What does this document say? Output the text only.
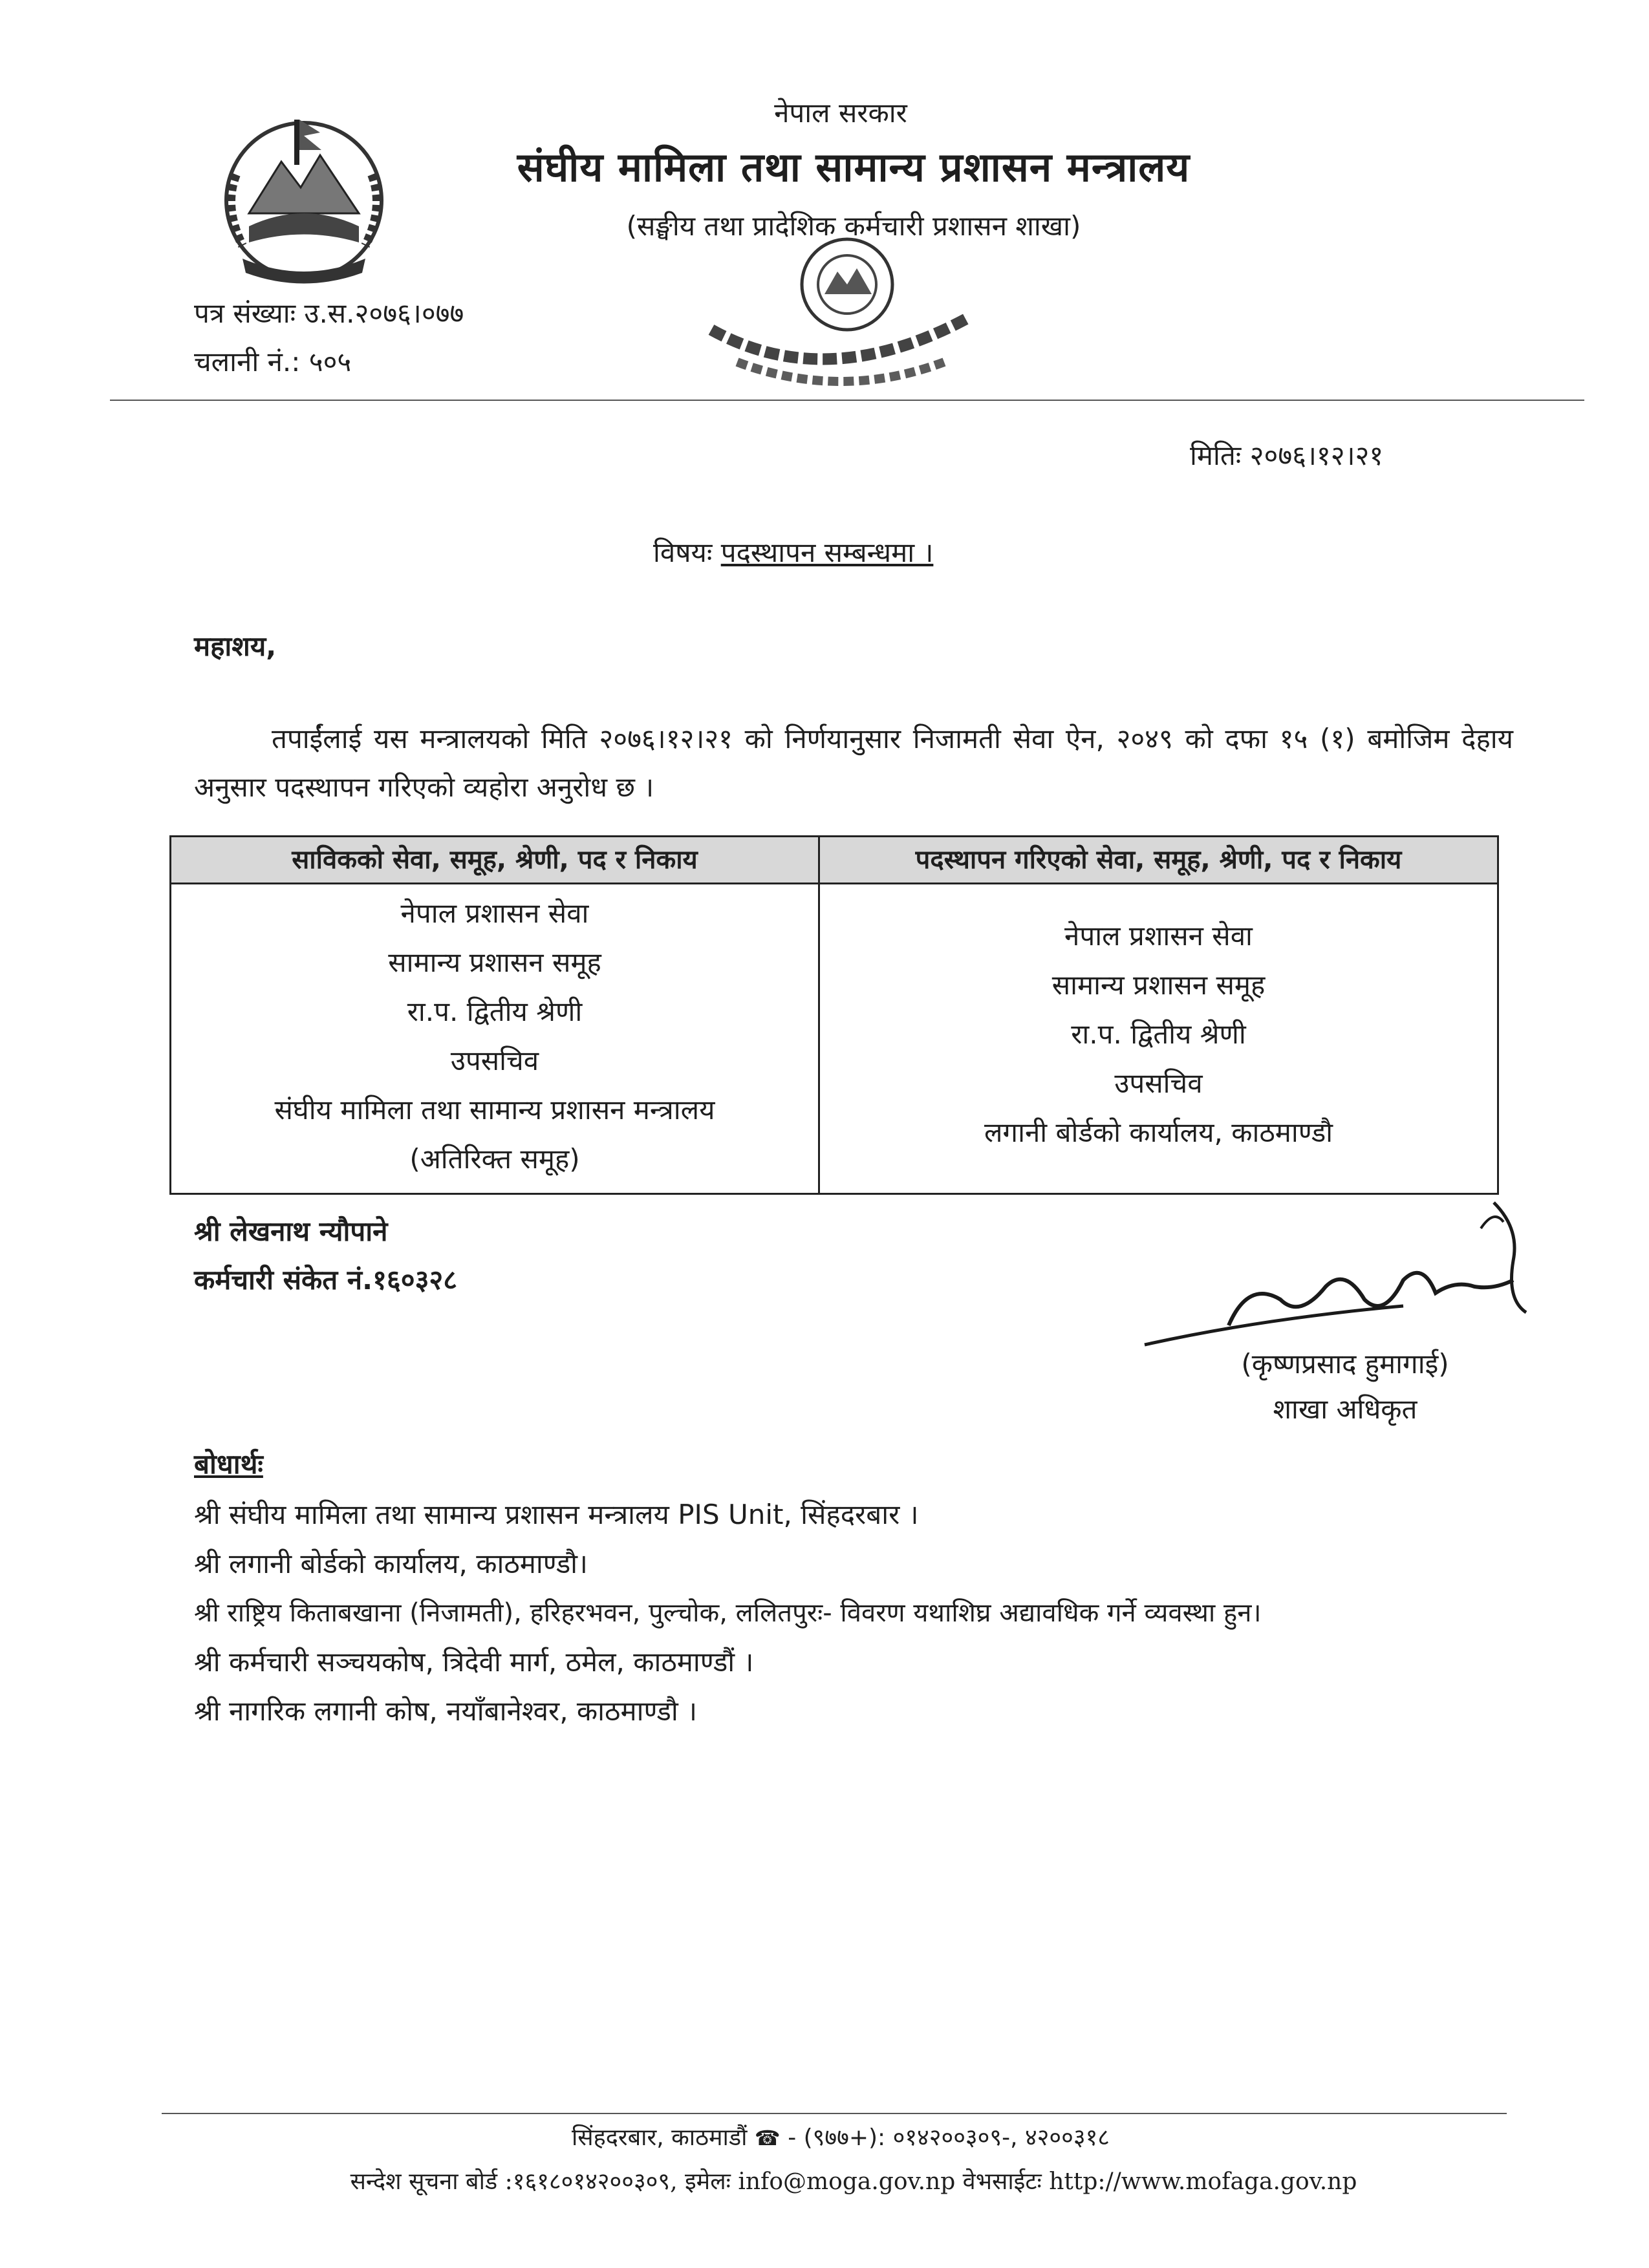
नेपाल सरकार
संघीय मामिला तथा सामान्य प्रशासन मन्त्रालय
(सङ्घीय तथा प्रादेशिक कर्मचारी प्रशासन शाखा)
पत्र संख्याः उ.स.२०७६।०७७
चलानी नं.: ५०५
मितिः २०७६।१२।२१
विषयः पदस्थापन सम्बन्धमा ।
महाशय,
तपाईंलाई यस मन्त्रालयको मिति २०७६।१२।२१ को निर्णयानुसार निजामती सेवा ऐन, २०४९ को दफा १५ (१) बमोजिम देहाय अनुसार पदस्थापन गरिएको व्यहोरा अनुरोध छ ।
साविकको सेवा, समूह, श्रेणी, पद र निकाय	पदस्थापन गरिएको सेवा, समूह, श्रेणी, पद र निकाय
नेपाल प्रशासन सेवा
सामान्य प्रशासन समूह
रा.प. द्वितीय श्रेणी
उपसचिव
संघीय मामिला तथा सामान्य प्रशासन मन्त्रालय
(अतिरिक्त समूह)
नेपाल प्रशासन सेवा
सामान्य प्रशासन समूह
रा.प. द्वितीय श्रेणी
उपसचिव
लगानी बोर्डको कार्यालय, काठमाण्डौ
श्री लेखनाथ न्यौपाने
कर्मचारी संकेत नं.१६०३२८
(कृष्णप्रसाद हुमागाई)
शाखा अधिकृत
बोधार्थः
श्री संघीय मामिला तथा सामान्य प्रशासन मन्त्रालय PIS Unit, सिंहदरबार ।
श्री लगानी बोर्डको कार्यालय, काठमाण्डौ।
श्री राष्ट्रिय किताबखाना (निजामती), हरिहरभवन, पुल्चोक, ललितपुरः- विवरण यथाशिघ्र अद्यावधिक गर्ने व्यवस्था हुन।
श्री कर्मचारी सञ्चयकोष, त्रिदेवी मार्ग, ठमेल, काठमाण्डौं ।
श्री नागरिक लगानी कोष, नयाँबानेश्वर, काठमाण्डौ ।
सिंहदरबार, काठमाडौं ☎ - (९७७+): ०१४२००३०९-, ४२००३१८
सन्देश सूचना बोर्ड :१६१८०१४२००३०९, इमेलः info@moga.gov.np वेभसाईटः http://www.mofaga.gov.np
